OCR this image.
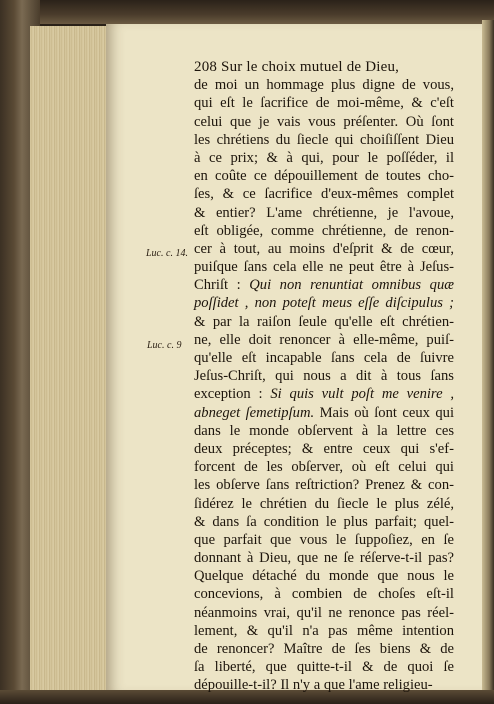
Luc. c. 14.
Luc. c. 9
208 Sur le choix mutuel de Dieu,
de moi un hommage plus digne de vous,
qui eſt le ſacrifice de moi-même, & c'eſt
celui que je vais vous préſenter. Où ſont
les chrétiens du ſiecle qui choiſiſſent Dieu
à ce prix; & à qui, pour le poſſéder, il
en coûte ce dépouillement de toutes cho-
ſes, & ce ſacrifice d'eux-mêmes complet
& entier? L'ame chrétienne, je l'avoue,
eſt obligée, comme chrétienne, de renon-
cer à tout, au moins d'eſprit & de cœur,
puiſque ſans cela elle ne peut être à Jeſus-
Chriſt : Qui non renuntiat omnibus quæ
poſſidet , non poteſt meus eſſe diſcipulus ;
& par la raiſon ſeule qu'elle eſt chrétien-
ne, elle doit renoncer à elle-même, puiſ-
qu'elle eſt incapable ſans cela de ſuivre
Jeſus-Chriſt, qui nous a dit à tous ſans
exception : Si quis vult poſt me venire ,
abneget ſemetipſum. Mais où ſont ceux qui
dans le monde obſervent à la lettre ces
deux préceptes; & entre ceux qui s'ef-
forcent de les obſerver, où eſt celui qui
les obſerve ſans reſtriction? Prenez & con-
ſidérez le chrétien du ſiecle le plus zélé,
& dans ſa condition le plus parfait; quel-
que parfait que vous le ſuppoſiez, en ſe
donnant à Dieu, que ne ſe réſerve-t-il pas?
Quelque détaché du monde que nous le
concevions, à combien de choſes eſt-il
néanmoins vrai, qu'il ne renonce pas réel-
lement, & qu'il n'a pas même intention
de renoncer? Maître de ſes biens & de
ſa liberté, que quitte-t-il & de quoi ſe
dépouille-t-il? Il n'y a que l'ame religieu-
